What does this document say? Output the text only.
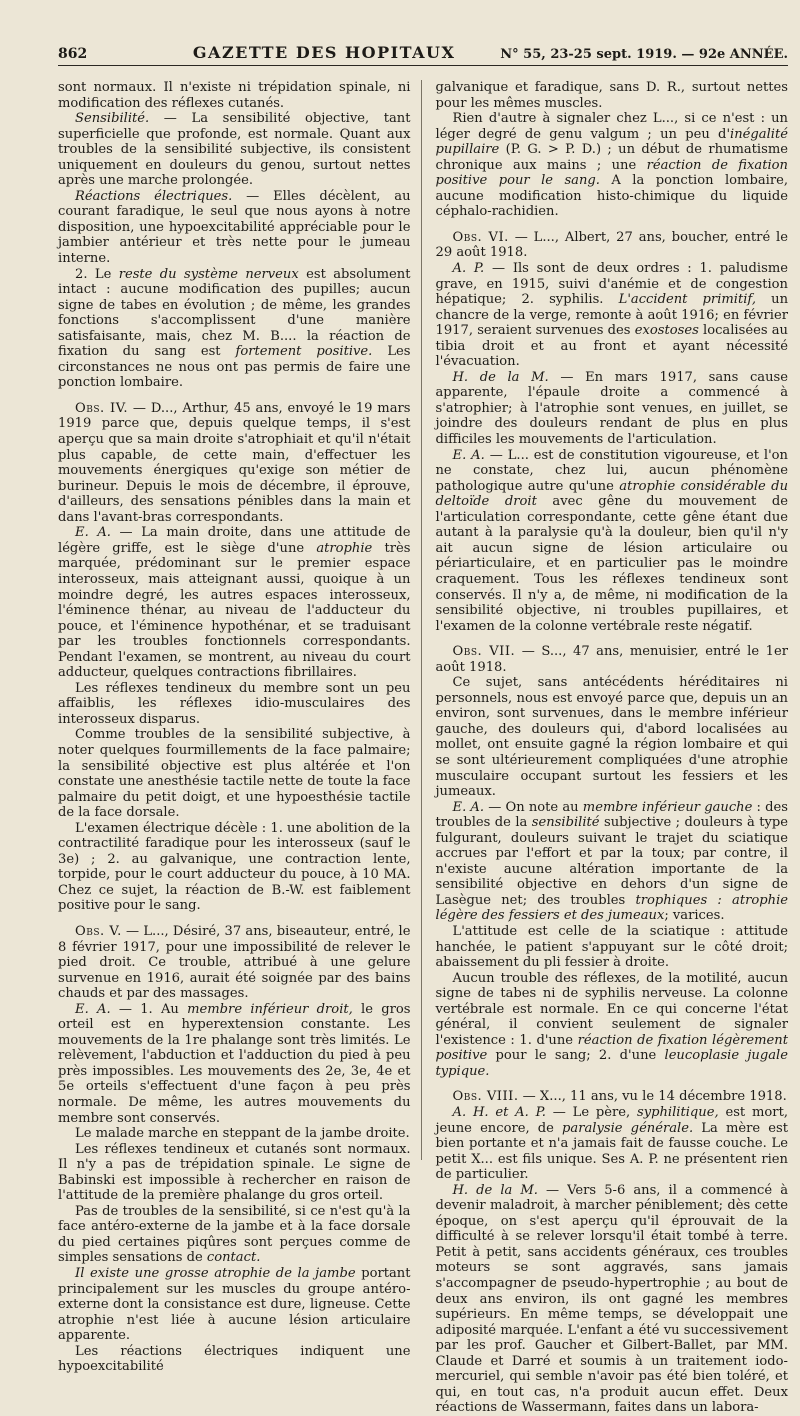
862	GAZETTE DES HOPITAUX	N° 55, 23-25 sept. 1919. — 92e ANNÉE.

sont normaux. Il n'existe ni trépidation spinale, ni modification des réflexes cutanés.

Sensibilité. — La sensibilité objective, tant superficielle que profonde, est normale. Quant aux troubles de la sensibilité subjective, ils consistent uniquement en douleurs du genou, surtout nettes après une marche prolongée.

Réactions électriques. — Elles décèlent, au courant faradique, le seul que nous ayons à notre disposition, une hypoexcitabilité appréciable pour le jambier antérieur et très nette pour le jumeau interne.

2. Le reste du système nerveux est absolument intact : aucune modification des pupilles; aucun signe de tabes en évolution ; de même, les grandes fonctions s'accomplissent d'une manière satisfaisante, mais, chez M. B.... la réaction de fixation du sang est fortement positive. Les circonstances ne nous ont pas permis de faire une ponction lombaire.

Obs. IV. — D..., Arthur, 45 ans, envoyé le 19 mars 1919 parce que, depuis quelque temps, il s'est aperçu que sa main droite s'atrophiait et qu'il n'était plus capable, de cette main, d'effectuer les mouvements énergiques qu'exige son métier de burineur. Depuis le mois de décembre, il éprouve, d'ailleurs, des sensations pénibles dans la main et dans l'avant-bras correspondants.

E. A. — La main droite, dans une attitude de légère griffe, est le siège d'une atrophie très marquée, prédominant sur le premier espace interosseux, mais atteignant aussi, quoique à un moindre degré, les autres espaces interosseux, l'éminence thénar, au niveau de l'adducteur du pouce, et l'éminence hypothénar, et se traduisant par les troubles fonctionnels correspondants. Pendant l'examen, se montrent, au niveau du court adducteur, quelques contractions fibrillaires.

Les réflexes tendineux du membre sont un peu affaiblis, les réflexes idio-musculaires des interosseux disparus.

Comme troubles de la sensibilité subjective, à noter quelques fourmillements de la face palmaire; la sensibilité objective est plus altérée et l'on constate une anesthésie tactile nette de toute la face palmaire du petit doigt, et une hypoesthésie tactile de la face dorsale.

L'examen électrique décèle : 1. une abolition de la contractilité faradique pour les interosseux (sauf le 3e) ; 2. au galvanique, une contraction lente, torpide, pour le court adducteur du pouce, à 10 MA. Chez ce sujet, la réaction de B.-W. est faiblement positive pour le sang.

Obs. V. — L..., Désiré, 37 ans, biseauteur, entré, le 8 février 1917, pour une impossibilité de relever le pied droit. Ce trouble, attribué à une gelure survenue en 1916, aurait été soignée par des bains chauds et par des massages.

E. A. — 1. Au membre inférieur droit, le gros orteil est en hyperextension constante. Les mouvements de la 1re phalange sont très limités. Le relèvement, l'abduction et l'adduction du pied à peu près impossibles. Les mouvements des 2e, 3e, 4e et 5e orteils s'effectuent d'une façon à peu près normale. De même, les autres mouvements du membre sont conservés.

Le malade marche en steppant de la jambe droite.

Les réflexes tendineux et cutanés sont normaux. Il n'y a pas de trépidation spinale. Le signe de Babinski est impossible à rechercher en raison de l'attitude de la première phalange du gros orteil.

Pas de troubles de la sensibilité, si ce n'est qu'à la face antéro-externe de la jambe et à la face dorsale du pied certaines piqûres sont perçues comme de simples sensations de contact.

Il existe une grosse atrophie de la jambe portant principalement sur les muscles du groupe antéro-externe dont la consistance est dure, ligneuse. Cette atrophie n'est liée à aucune lésion articulaire apparente.

Les réactions électriques indiquent une hypoexcitabilité

galvanique et faradique, sans D. R., surtout nettes pour les mêmes muscles.

Rien d'autre à signaler chez L..., si ce n'est : un léger degré de genu valgum ; un peu d'inégalité pupillaire (P. G. > P. D.) ; un début de rhumatisme chronique aux mains ; une réaction de fixation positive pour le sang. A la ponction lombaire, aucune modification histo-chimique du liquide céphalo-rachidien.

Obs. VI. — L..., Albert, 27 ans, boucher, entré le 29 août 1918.

A. P. — Ils sont de deux ordres : 1. paludisme grave, en 1915, suivi d'anémie et de congestion hépatique; 2. syphilis. L'accident primitif, un chancre de la verge, remonte à août 1916; en février 1917, seraient survenues des exostoses localisées au tibia droit et au front et ayant nécessité l'évacuation.

H. de la M. — En mars 1917, sans cause apparente, l'épaule droite a commencé à s'atrophier; à l'atrophie sont venues, en juillet, se joindre des douleurs rendant de plus en plus difficiles les mouvements de l'articulation.

E. A. — L... est de constitution vigoureuse, et l'on ne constate, chez lui, aucun phénomène pathologique autre qu'une atrophie considérable du deltoïde droit avec gêne du mouvement de l'articulation correspondante, cette gêne étant due autant à la paralysie qu'à la douleur, bien qu'il n'y ait aucun signe de lésion articulaire ou périarticulaire, et en particulier pas le moindre craquement. Tous les réflexes tendineux sont conservés. Il n'y a, de même, ni modification de la sensibilité objective, ni troubles pupillaires, et l'examen de la colonne vertébrale reste négatif.

Obs. VII. — S..., 47 ans, menuisier, entré le 1er août 1918.

Ce sujet, sans antécédents héréditaires ni personnels, nous est envoyé parce que, depuis un an environ, sont survenues, dans le membre inférieur gauche, des douleurs qui, d'abord localisées au mollet, ont ensuite gagné la région lombaire et qui se sont ultérieurement compliquées d'une atrophie musculaire occupant surtout les fessiers et les jumeaux.

E. A. — On note au membre inférieur gauche : des troubles de la sensibilité subjective ; douleurs à type fulgurant, douleurs suivant le trajet du sciatique accrues par l'effort et par la toux; par contre, il n'existe aucune altération importante de la sensibilité objective en dehors d'un signe de Lasègue net; des troubles trophiques : atrophie légère des fessiers et des jumeaux; varices.

L'attitude est celle de la sciatique : attitude hanchée, le patient s'appuyant sur le côté droit; abaissement du pli fessier à droite.

Aucun trouble des réflexes, de la motilité, aucun signe de tabes ni de syphilis nerveuse. La colonne vertébrale est normale. En ce qui concerne l'état général, il convient seulement de signaler l'existence : 1. d'une réaction de fixation légèrement positive pour le sang; 2. d'une leucoplasie jugale typique.

Obs. VIII. — X..., 11 ans, vu le 14 décembre 1918.

A. H. et A. P. — Le père, syphilitique, est mort, jeune encore, de paralysie générale. La mère est bien portante et n'a jamais fait de fausse couche. Le petit X... est fils unique. Ses A. P. ne présentent rien de particulier.

H. de la M. — Vers 5-6 ans, il a commencé à devenir maladroit, à marcher péniblement; dès cette époque, on s'est aperçu qu'il éprouvait de la difficulté à se relever lorsqu'il était tombé à terre. Petit à petit, sans accidents généraux, ces troubles moteurs se sont aggravés, sans jamais s'accompagner de pseudo-hypertrophie ; au bout de deux ans environ, ils ont gagné les membres supérieurs. En même temps, se développait une adiposité marquée. L'enfant a été vu successivement par les prof. Gaucher et Gilbert-Ballet, par MM. Claude et Darré et soumis à un traitement iodo-mercuriel, qui semble n'avoir pas été bien toléré, et qui, en tout cas, n'a produit aucun effet. Deux réactions de Wassermann, faites dans un labora-
